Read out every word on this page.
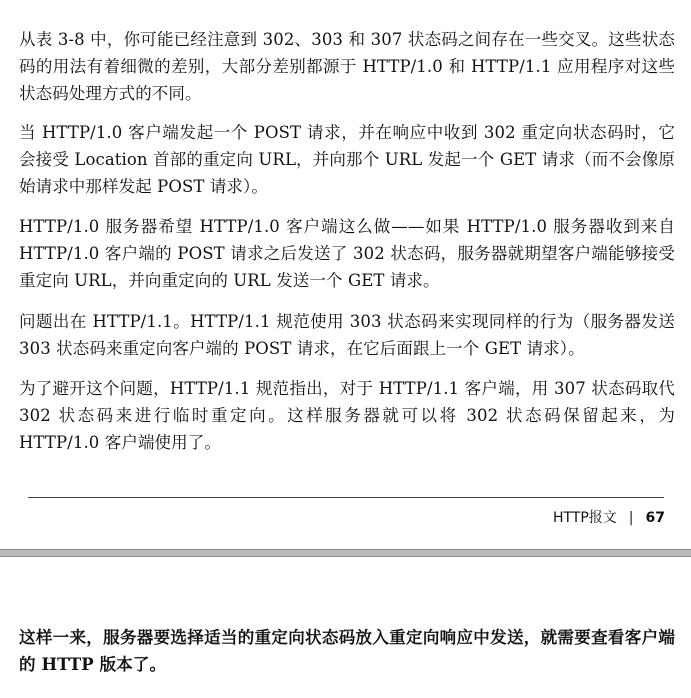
从表 3-8 中，你可能已经注意到 302、303 和 307 状态码之间存在一些交叉。这些状态码的用法有着细微的差别，大部分差别都源于 HTTP/1.0 和 HTTP/1.1 应用程序对这些状态码处理方式的不同。

当 HTTP/1.0 客户端发起一个 POST 请求，并在响应中收到 302 重定向状态码时，它会接受 Location 首部的重定向 URL，并向那个 URL 发起一个 GET 请求（而不会像原始请求中那样发起 POST 请求）。

HTTP/1.0 服务器希望 HTTP/1.0 客户端这么做——如果 HTTP/1.0 服务器收到来自 HTTP/1.0 客户端的 POST 请求之后发送了 302 状态码，服务器就期望客户端能够接受重定向 URL，并向重定向的 URL 发送一个 GET 请求。

问题出在 HTTP/1.1。HTTP/1.1 规范使用 303 状态码来实现同样的行为（服务器发送 303 状态码来重定向客户端的 POST 请求，在它后面跟上一个 GET 请求）。

为了避开这个问题，HTTP/1.1 规范指出，对于 HTTP/1.1 客户端，用 307 状态码取代 302 状态码来进行临时重定向。这样服务器就可以将 302 状态码保留起来，为 HTTP/1.0 客户端使用了。

HTTP报文 | 67

这样一来，服务器要选择适当的重定向状态码放入重定向响应中发送，就需要查看客户端的 HTTP 版本了。
